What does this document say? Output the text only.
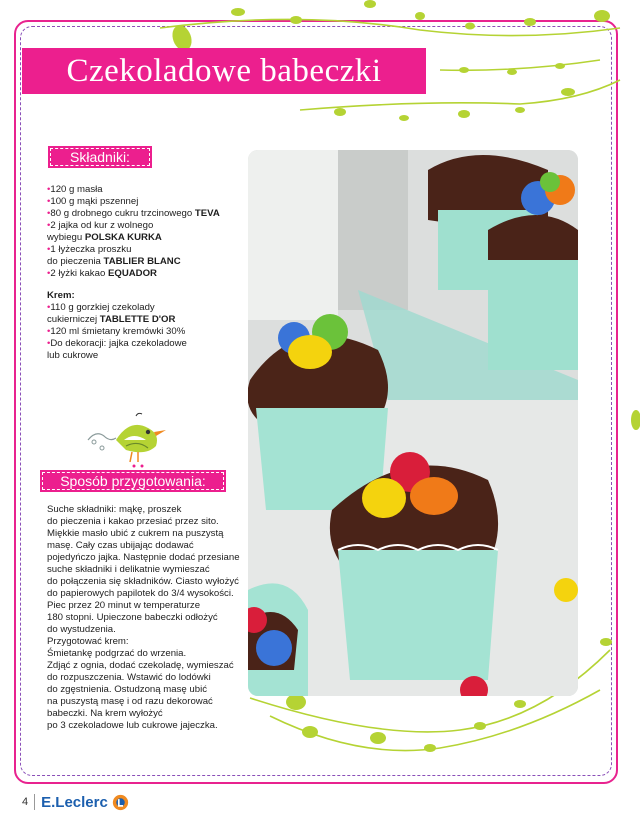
Czekoladowe babeczki
Składniki:
•120 g masła
•100 g mąki pszennej
•80 g drobnego cukru trzcinowego TEVA
•2 jajka od kur z wolnego
wybiegu POLSKA KURKA
•1 łyżeczka proszku
do pieczenia TABLIER BLANC
•2 łyżki kakao EQUADOR
Krem:
•110 g gorzkiej czekolady
cukierniczej TABLETTE D'OR
•120 ml śmietany kremówki 30%
•Do dekoracji: jajka czekoladowe
lub cukrowe
Sposób przygotowania:
Suche składniki: mąkę, proszek
do pieczenia i kakao przesiać przez sito.
Miękkie masło ubić z cukrem na puszystą
masę. Cały czas ubijając dodawać
pojedyńczo jajka. Następnie dodać przesiane
suche składniki i delikatnie wymieszać
do połączenia się składników. Ciasto wyłożyć
do papierowych papilotek do 3/4 wysokości.
Piec przez 20 minut w temperaturze
180 stopni. Upieczone babeczki odłożyć
do wystudzenia.
Przygotować krem:
Śmietankę podgrzać do wrzenia.
Zdjąć z ognia, dodać czekoladę, wymieszać
do rozpuszczenia. Wstawić do lodówki
do zgęstnienia. Ostudzoną masę ubić
na puszystą masę i od razu dekorować
babeczki. Na krem wyłożyć
po 3 czekoladowe lub cukrowe jajeczka.
4 E.Leclerc
